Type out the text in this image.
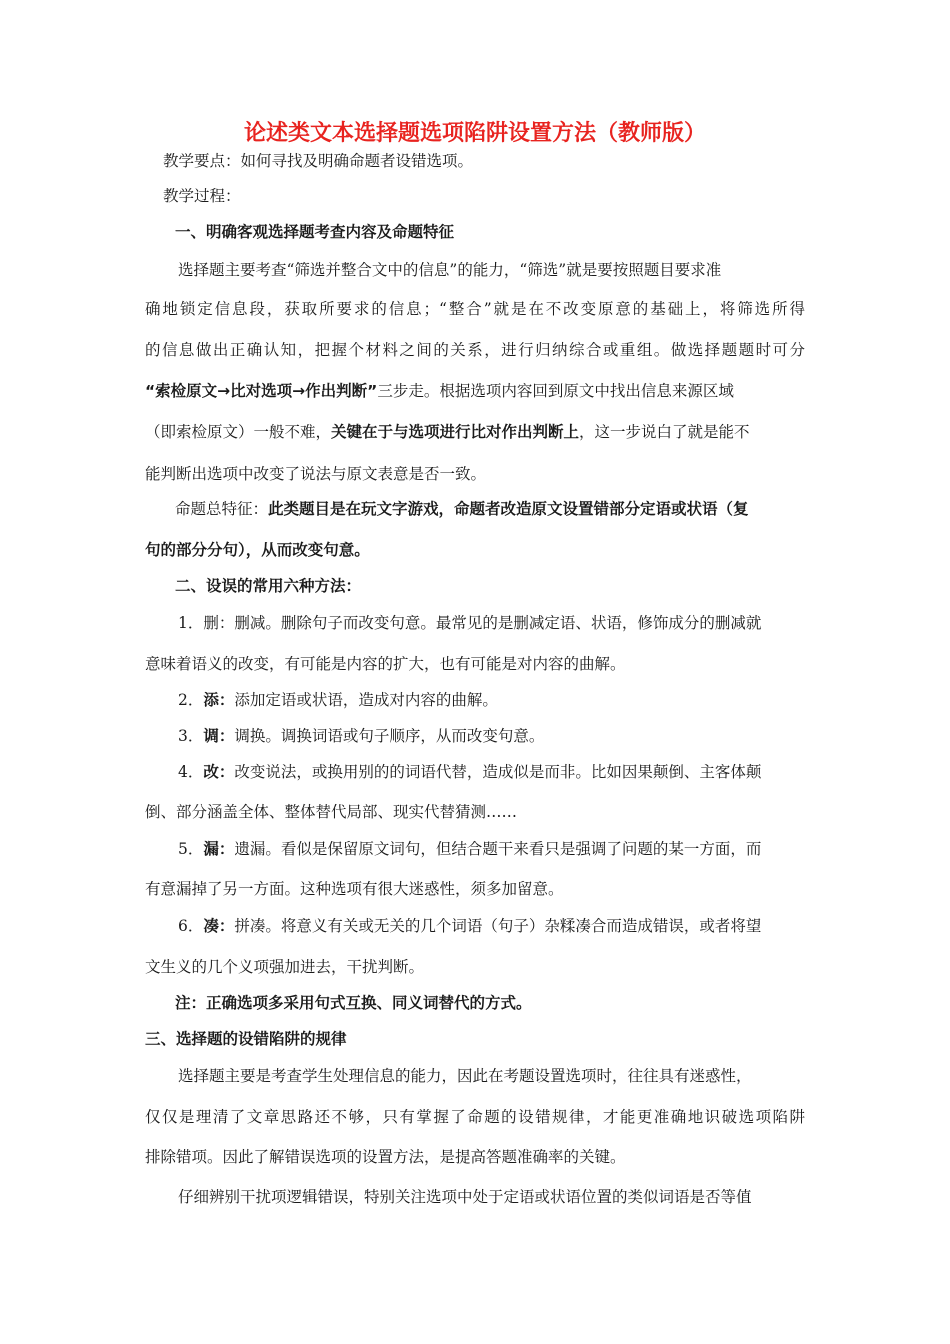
论述类文本选择题选项陷阱设置方法（教师版）

教学要点：如何寻找及明确命题者设错选项。

教学过程：

一、明确客观选择题考查内容及命题特征

选择题主要考查“筛选并整合文中的信息”的能力，“筛选”就是要按照题目要求准

确地锁定信息段，获取所要求的信息；“整合”就是在不改变原意的基础上，将筛选所得

的信息做出正确认知，把握个材料之间的关系，进行归纳综合或重组。做选择题题时可分

“索检原文→比对选项→作出判断”三步走。根据选项内容回到原文中找出信息来源区域

（即索检原文）一般不难，关键在于与选项进行比对作出判断上，这一步说白了就是能不

能判断出选项中改变了说法与原文表意是否一致。

命题总特征：此类题目是在玩文字游戏，命题者改造原文设置错部分定语或状语（复

句的部分分句），从而改变句意。

二、设误的常用六种方法：

1．删：删减。删除句子而改变句意。最常见的是删减定语、状语，修饰成分的删减就

意味着语义的改变，有可能是内容的扩大，也有可能是对内容的曲解。

2．添：添加定语或状语，造成对内容的曲解。

3．调：调换。调换词语或句子顺序，从而改变句意。

4．改：改变说法，或换用别的的词语代替，造成似是而非。比如因果颠倒、主客体颠

倒、部分涵盖全体、整体替代局部、现实代替猜测……

5．漏：遗漏。看似是保留原文词句，但结合题干来看只是强调了问题的某一方面，而

有意漏掉了另一方面。这种选项有很大迷惑性，须多加留意。

6．凑：拼凑。将意义有关或无关的几个词语（句子）杂糅凑合而造成错误，或者将望

文生义的几个义项强加进去，干扰判断。

注：正确选项多采用句式互换、同义词替代的方式。

三、选择题的设错陷阱的规律

选择题主要是考查学生处理信息的能力，因此在考题设置选项时，往往具有迷惑性，

仅仅是理清了文章思路还不够，只有掌握了命题的设错规律，才能更准确地识破选项陷阱

排除错项。因此了解错误选项的设置方法，是提高答题准确率的关键。

仔细辨别干扰项逻辑错误，特别关注选项中处于定语或状语位置的类似词语是否等值
